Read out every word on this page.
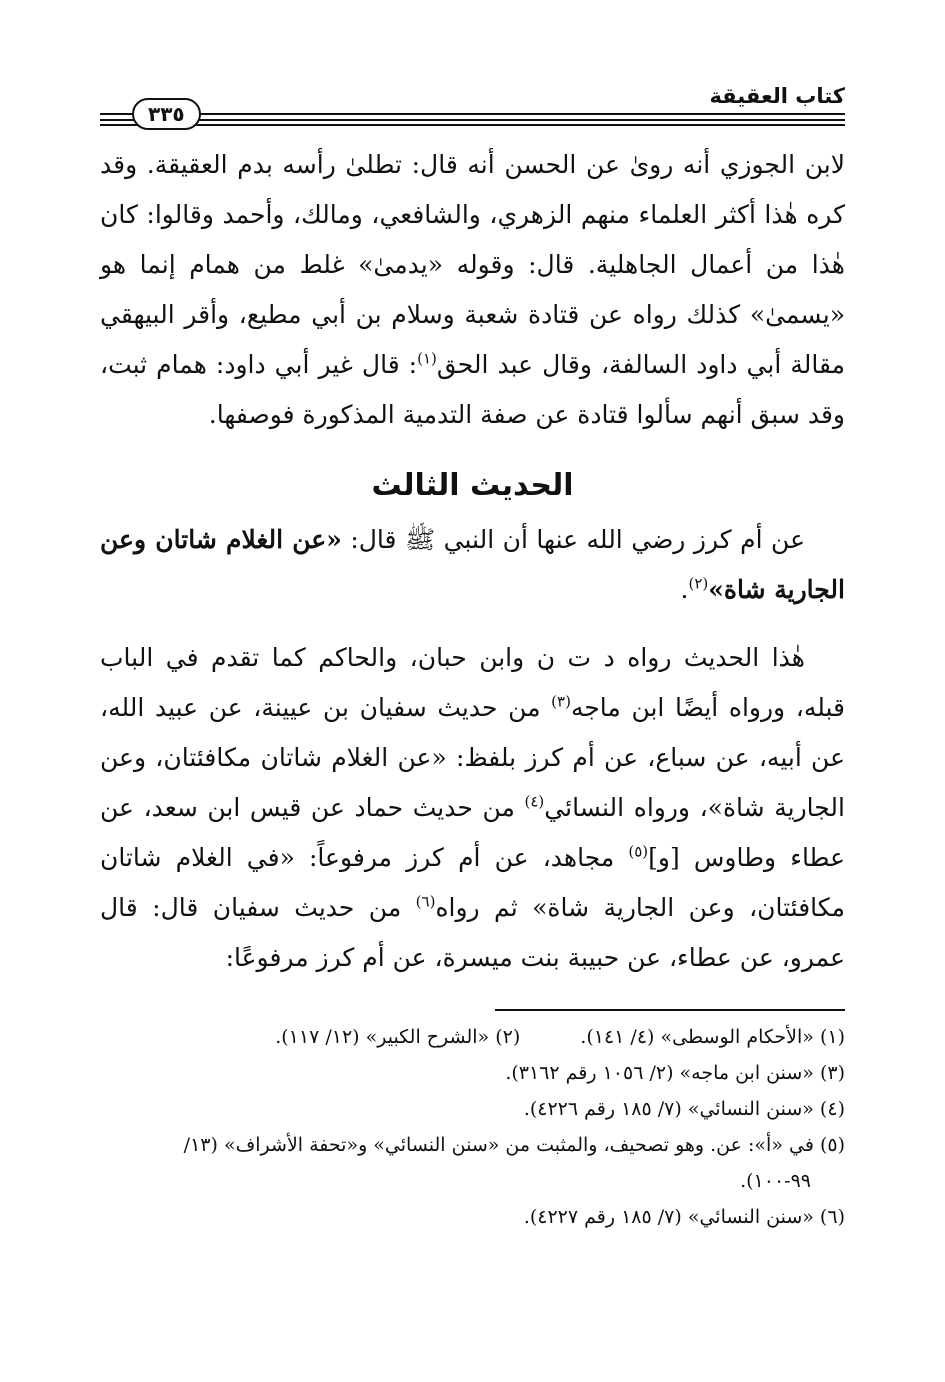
كتاب العقيقة
٣٣٥

لابن الجوزي أنه روىٰ عن الحسن أنه قال: تطلىٰ رأسه بدم العقيقة. وقد كره هٰذا أكثر العلماء منهم الزهري، والشافعي، ومالك، وأحمد وقالوا: كان هٰذا من أعمال الجاهلية. قال: وقوله «يدمىٰ» غلط من همام إنما هو «يسمىٰ» كذلك رواه عن قتادة شعبة وسلام بن أبي مطيع، وأقر البيهقي مقالة أبي داود السالفة، وقال عبد الحق$^{(١)}$: قال غير أبي داود: همام ثبت، وقد سبق أنهم سألوا قتادة عن صفة التدمية المذكورة فوصفها.

الحديث الثالث

عن أم كرز رضي الله عنها أن النبي ﷺ قال: «عن الغلام شاتان وعن الجارية شاة»$^{(٢)}$.

هٰذا الحديث رواه د ت ن وابن حبان، والحاكم كما تقدم في الباب قبله، ورواه أيضًا ابن ماجه$^{(٣)}$ من حديث سفيان بن عيينة، عن عبيد الله، عن أبيه، عن سباع، عن أم كرز بلفظ: «عن الغلام شاتان مكافئتان، وعن الجارية شاة»، ورواه النسائي$^{(٤)}$ من حديث حماد عن قيس ابن سعد، عن عطاء وطاوس [و]$^{(٥)}$ مجاهد، عن أم كرز مرفوعاً: «في الغلام شاتان مكافئتان، وعن الجارية شاة» ثم رواه$^{(٦)}$ من حديث سفيان قال: قال عمرو، عن عطاء، عن حبيبة بنت ميسرة، عن أم كرز مرفوعًا:

(١) «الأحكام الوسطى» (٤/ ١٤١).

(٢) «الشرح الكبير» (١٢/ ١١٧).

(٣) «سنن ابن ماجه» (٢/ ١٠٥٦ رقم ٣١٦٢).

(٤) «سنن النسائي» (٧/ ١٨٥ رقم ٤٢٢٦).

(٥) في «أ»: عن. وهو تصحيف، والمثبت من «سنن النسائي» و«تحفة الأشراف» (١٣/
٩٩-١٠٠).

(٦) «سنن النسائي» (٧/ ١٨٥ رقم ٤٢٢٧).
